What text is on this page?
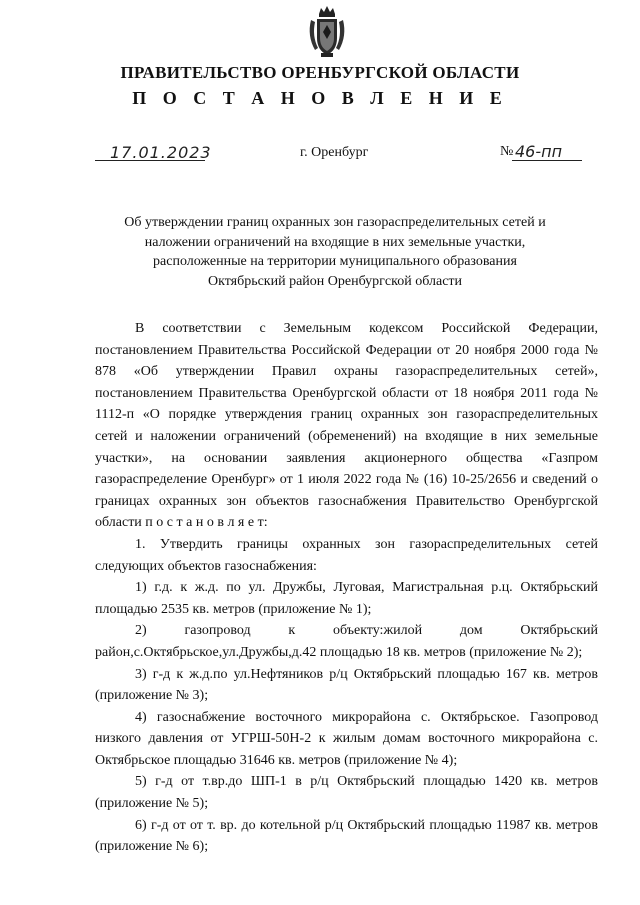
ПРАВИТЕЛЬСТВО ОРЕНБУРГСКОЙ ОБЛАСТИ
П О С Т А Н О В Л Е Н И Е
17.01.2023	г. Оренбург	№ 46-пп
Об утверждении границ охранных зон газораспределительных сетей и
наложении ограничений на входящие в них земельные участки,
расположенные на территории муниципального образования
Октябрьский район Оренбургской области

В соответствии с Земельным кодексом Российской Федерации, постановлением Правительства Российской Федерации от 20 ноября 2000 года № 878 «Об утверждении Правил охраны газораспределительных сетей», постановлением Правительства Оренбургской области от 18 ноября 2011 года № 1112-п «О порядке утверждения границ охранных зон газораспределительных сетей и наложении ограничений (обременений) на входящие в них земельные участки», на основании заявления акционерного общества «Газпром газораспределение Оренбург» от 1 июля 2022 года № (16) 10-25/2656 и сведений о границах охранных зон объектов газоснабжения Правительство Оренбургской области п о с т а н о в л я е т:

1. Утвердить границы охранных зон газораспределительных сетей следующих объектов газоснабжения:

1) г.д. к ж.д. по ул. Дружбы, Луговая, Магистральная р.ц. Октябрьский площадью 2535 кв. метров (приложение № 1);

2) газопровод к объекту:жилой дом Октябрьский район,с.Октябрьское,ул.Дружбы,д.42 площадью 18 кв. метров (приложение № 2);

3) г-д к ж.д.по ул.Нефтяников р/ц Октябрьский площадью 167 кв. метров (приложение № 3);

4) газоснабжение восточного микрорайона с. Октябрьское. Газопровод низкого давления от УГРШ-50Н-2 к жилым домам восточного микрорайона с. Октябрьское площадью 31646 кв. метров (приложение № 4);

5) г-д от т.вр.до ШП-1 в р/ц Октябрьский площадью 1420 кв. метров (приложение № 5);

6) г-д от от т. вр. до котельной р/ц Октябрьский площадью 11987 кв. метров (приложение № 6);
